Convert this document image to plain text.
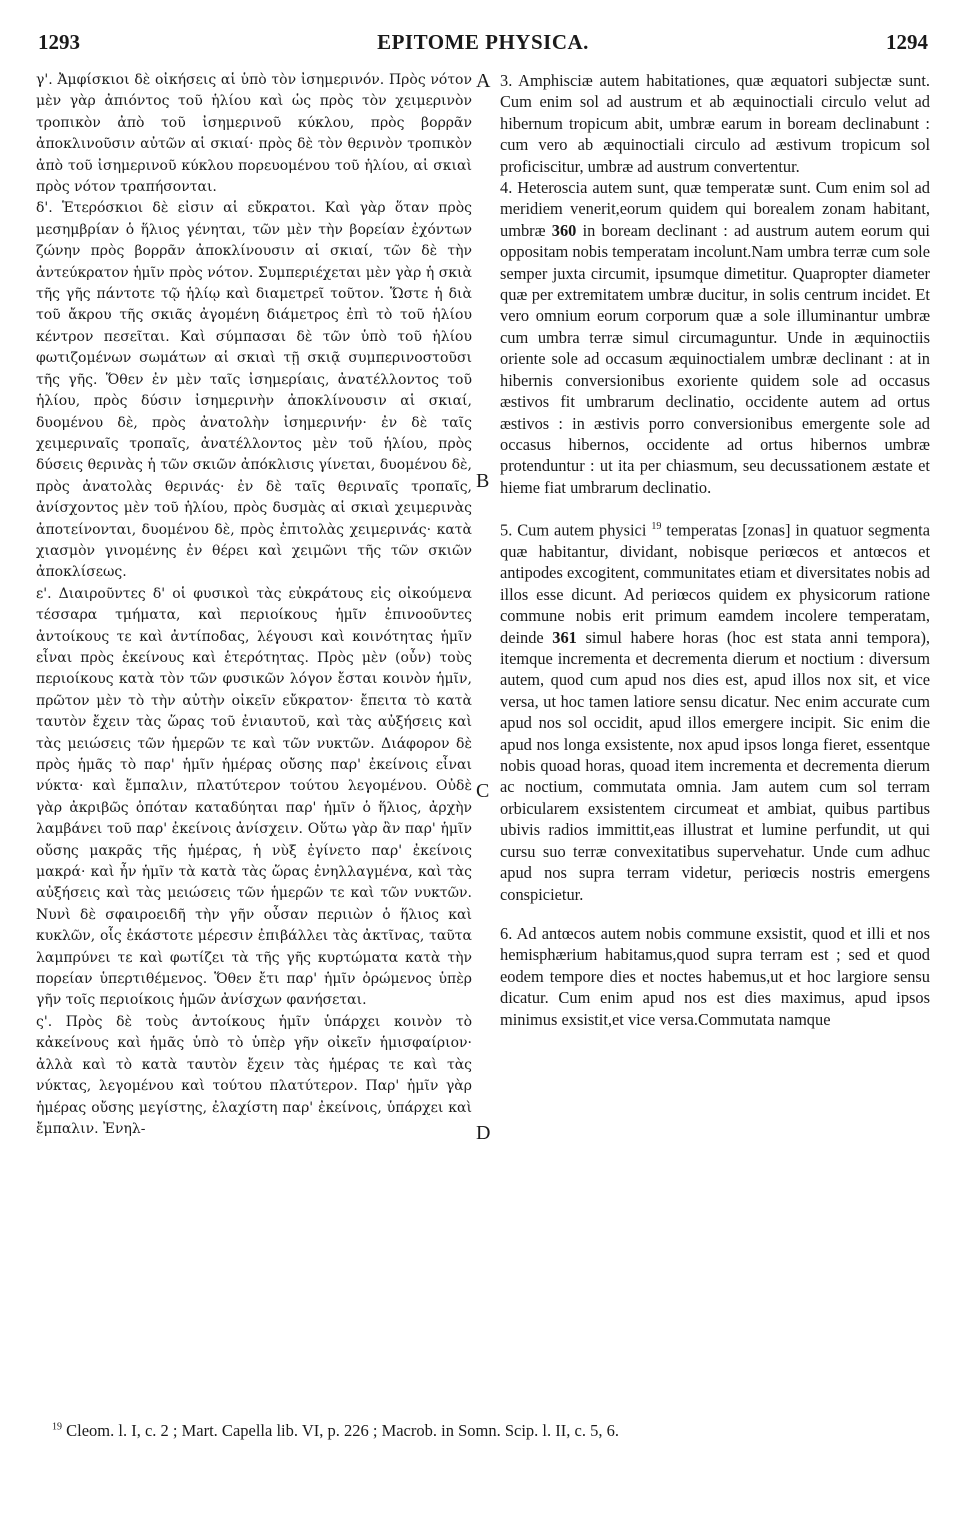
EPITOME PHYSICA.
1293	1294

γ'. Ἀμφίσκιοι δὲ οἰκήσεις αἱ ὑπὸ τὸν ἰσημερινόν. Πρὸς νότον μὲν γὰρ ἀπιόντος τοῦ ἡλίου καὶ ὡς πρὸς τὸν χειμερινὸν τροπικὸν ἀπὸ τοῦ ἰσημερινοῦ κύκλου, πρὸς βορρᾶν ἀποκλινοῦσιν αὐτῶν αἱ σκιαί· πρὸς δὲ τὸν θερινὸν τροπικὸν ἀπὸ τοῦ ἰσημερινοῦ κύκλου πορευομένου τοῦ ἡλίου, αἱ σκιαὶ πρὸς νότον τραπήσονται.

δ'. Ἑτερόσκιοι δὲ εἰσιν αἱ εὔκρατοι. Καὶ γὰρ ὅταν πρὸς μεσημβρίαν ὁ ἥλιος γένηται, τῶν μὲν τὴν βορείαν ἐχόντων ζώνην πρὸς βορρᾶν ἀποκλίνουσιν αἱ σκιαί, τῶν δὲ τὴν ἀντεύκρατον ἡμῖν πρὸς νότον. Συμπεριέχεται μὲν γὰρ ἡ σκιὰ τῆς γῆς πάντοτε τῷ ἡλίῳ καὶ διαμετρεῖ τοῦτον. Ὥστε ἡ διὰ τοῦ ἄκρου τῆς σκιᾶς ἀγομένη διάμετρος ἐπὶ τὸ τοῦ ἡλίου κέντρον πεσεῖται. Καὶ σύμπασαι δὲ τῶν ὑπὸ τοῦ ἡλίου φωτιζομένων σωμάτων αἱ σκιαὶ τῇ σκιᾷ συμπερινοστοῦσι τῆς γῆς. Ὅθεν ἐν μὲν ταῖς ἰσημερίαις, ἀνατέλλοντος τοῦ ἡλίου, πρὸς δύσιν ἰσημερινὴν ἀποκλίνουσιν αἱ σκιαί, δυομένου δὲ, πρὸς ἀνατολὴν ἰσημερινήν· ἐν δὲ ταῖς χειμεριναῖς τροπαῖς, ἀνατέλλοντος μὲν τοῦ ἡλίου, πρὸς δύσεις θερινὰς ἡ τῶν σκιῶν ἀπόκλισις γίνεται, δυομένου δὲ, πρὸς ἀνατολὰς θερινάς· ἐν δὲ ταῖς θεριναῖς τροπαῖς, ἀνίσχοντος μὲν τοῦ ἡλίου, πρὸς δυσμὰς αἱ σκιαὶ χειμερινὰς ἀποτείνονται, δυομένου δὲ, πρὸς ἐπιτολὰς χειμερινάς· κατὰ χιασμὸν γινομένης ἐν θέρει καὶ χειμῶνι τῆς τῶν σκιῶν ἀποκλίσεως.

ε'. Διαιροῦντες δ' οἱ φυσικοὶ τὰς εὐκράτους εἰς οἰκούμενα τέσσαρα τμήματα, καὶ περιοίκους ἡμῖν ἐπινοοῦντες ἀντοίκους τε καὶ ἀντίποδας, λέγουσι καὶ κοινότητας ἡμῖν εἶναι πρὸς ἐκείνους καὶ ἑτερότητας. Πρὸς μὲν (οὖν) τοὺς περιοίκους κατὰ τὸν τῶν φυσικῶν λόγον ἔσται κοινὸν ἡμῖν, πρῶτον μὲν τὸ τὴν αὐτὴν οἰκεῖν εὔκρατον· ἔπειτα τὸ κατὰ ταυτὸν ἔχειν τὰς ὥρας τοῦ ἐνιαυτοῦ, καὶ τὰς αὐξήσεις καὶ τὰς μειώσεις τῶν ἡμερῶν τε καὶ τῶν νυκτῶν. Διάφορον δὲ πρὸς ἡμᾶς τὸ παρ' ἡμῖν ἡμέρας οὔσης παρ' ἐκείνοις εἶναι νύκτα· καὶ ἔμπαλιν, πλατύτερον τούτου λεγομένου. Οὐδὲ γὰρ ἀκριβῶς ὁπόταν καταδύηται παρ' ἡμῖν ὁ ἥλιος, ἀρχὴν λαμβάνει τοῦ παρ' ἐκείνοις ἀνίσχειν. Οὕτω γὰρ ἂν παρ' ἡμῖν οὔσης μακρᾶς τῆς ἡμέρας, ἡ νὺξ ἐγίνετο παρ' ἐκείνοις μακρά· καὶ ἦν ἡμῖν τὰ κατὰ τὰς ὥρας ἐνηλλαγμένα, καὶ τὰς αὐξήσεις καὶ τὰς μειώσεις τῶν ἡμερῶν τε καὶ τῶν νυκτῶν. Νυνὶ δὲ σφαιροειδῆ τὴν γῆν οὖσαν περιιὼν ὁ ἥλιος καὶ κυκλῶν, οἷς ἑκάστοτε μέρεσιν ἐπιβάλλει τὰς ἀκτῖνας, ταῦτα λαμπρύνει τε καὶ φωτίζει τὰ τῆς γῆς κυρτώματα κατὰ τὴν πορείαν ὑπερτιθέμενος. Ὅθεν ἔτι παρ' ἡμῖν ὁρώμενος ὑπὲρ γῆν τοῖς περιοίκοις ἡμῶν ἀνίσχων φανήσεται.

ς'. Πρὸς δὲ τοὺς ἀντοίκους ἡμῖν ὑπάρχει κοινὸν τὸ κἀκείνους καὶ ἡμᾶς ὑπὸ τὸ ὑπὲρ γῆν οἰκεῖν ἡμισφαίριον· ἀλλὰ καὶ τὸ κατὰ ταυτὸν ἔχειν τὰς ἡμέρας τε καὶ τὰς νύκτας, λεγομένου καὶ τούτου πλατύτερον. Παρ' ἡμῖν γὰρ ἡμέρας οὔσης μεγίστης, ἐλαχίστη παρ' ἐκείνοις, ὑπάρχει καὶ ἔμπαλιν. Ἐνηλ-

A
B
C
D

3. Amphisciæ autem habitationes, quæ æquatori subjectæ sunt. Cum enim sol ad austrum et ab æquinoctiali circulo velut ad hibernum tropicum abit, umbræ earum in boream declinabunt : cum vero ab æquinoctiali circulo ad æstivum tropicum sol proficiscitur, umbræ ad austrum convertentur.

4. Heteroscia autem sunt, quæ temperatæ sunt. Cum enim sol ad meridiem venerit,eorum quidem qui borealem zonam habitant, umbræ 360 in boream declinant : ad austrum autem eorum qui oppositam nobis temperatam incolunt.Nam umbra terræ cum sole semper juxta circumit, ipsumque dimetitur. Quapropter diameter quæ per extremitatem umbræ ducitur, in solis centrum incidet. Et vero omnium eorum corporum quæ a sole illuminantur umbræ cum umbra terræ simul circumaguntur. Unde in æquinoctiis oriente sole ad occasum æquinoctialem umbræ declinant : at in hibernis conversionibus exoriente quidem sole ad occasus æstivos fit umbrarum declinatio, occidente autem ad ortus æstivos : in æstivis porro conversionibus emergente sole ad occasus hibernos, occidente ad ortus hibernos umbræ protenduntur : ut ita per chiasmum, seu decussationem æstate et hieme fiat umbrarum declinatio.

5. Cum autem physici $^{19}$ temperatas [zonas] in quatuor segmenta quæ habitantur, dividant, nobisque periœcos et antœcos et antipodes excogitent, communitates etiam et diversitates nobis ad illos esse dicunt. Ad periœcos quidem ex physicorum ratione commune nobis erit primum eamdem incolere temperatam, deinde 361 simul habere horas (hoc est stata anni tempora), itemque incrementa et decrementa dierum et noctium : diversum autem, quod cum apud nos dies est, apud illos nox sit, et vice versa, ut hoc tamen latiore sensu dicatur. Nec enim accurate cum apud nos sol occidit, apud illos emergere incipit. Sic enim die apud nos longa exsistente, nox apud ipsos longa fieret, essentque nobis quoad horas, quoad item incrementa et decrementa dierum ac noctium, commutata omnia. Jam autem cum sol terram orbicularem exsistentem circumeat et ambiat, quibus partibus ubivis radios immittit,eas illustrat et lumine perfundit, ut qui cursu suo terræ convexitatibus supervehatur. Unde cum adhuc apud nos supra terram videtur, periœcis nostris emergens conspicietur.

6. Ad antœcos autem nobis commune exsistit, quod et illi et nos hemisphærium habitamus,quod supra terram est ; sed et quod eodem tempore dies et noctes habemus,ut et hoc largiore sensu dicatur. Cum enim apud nos est dies maximus, apud ipsos minimus exsistit,et vice versa.Commutata namque

$^{19}$ Cleom. l. I, c. 2 ; Mart. Capella lib. VI, p. 226 ; Macrob. in Somn. Scip. l. II, c. 5, 6.
